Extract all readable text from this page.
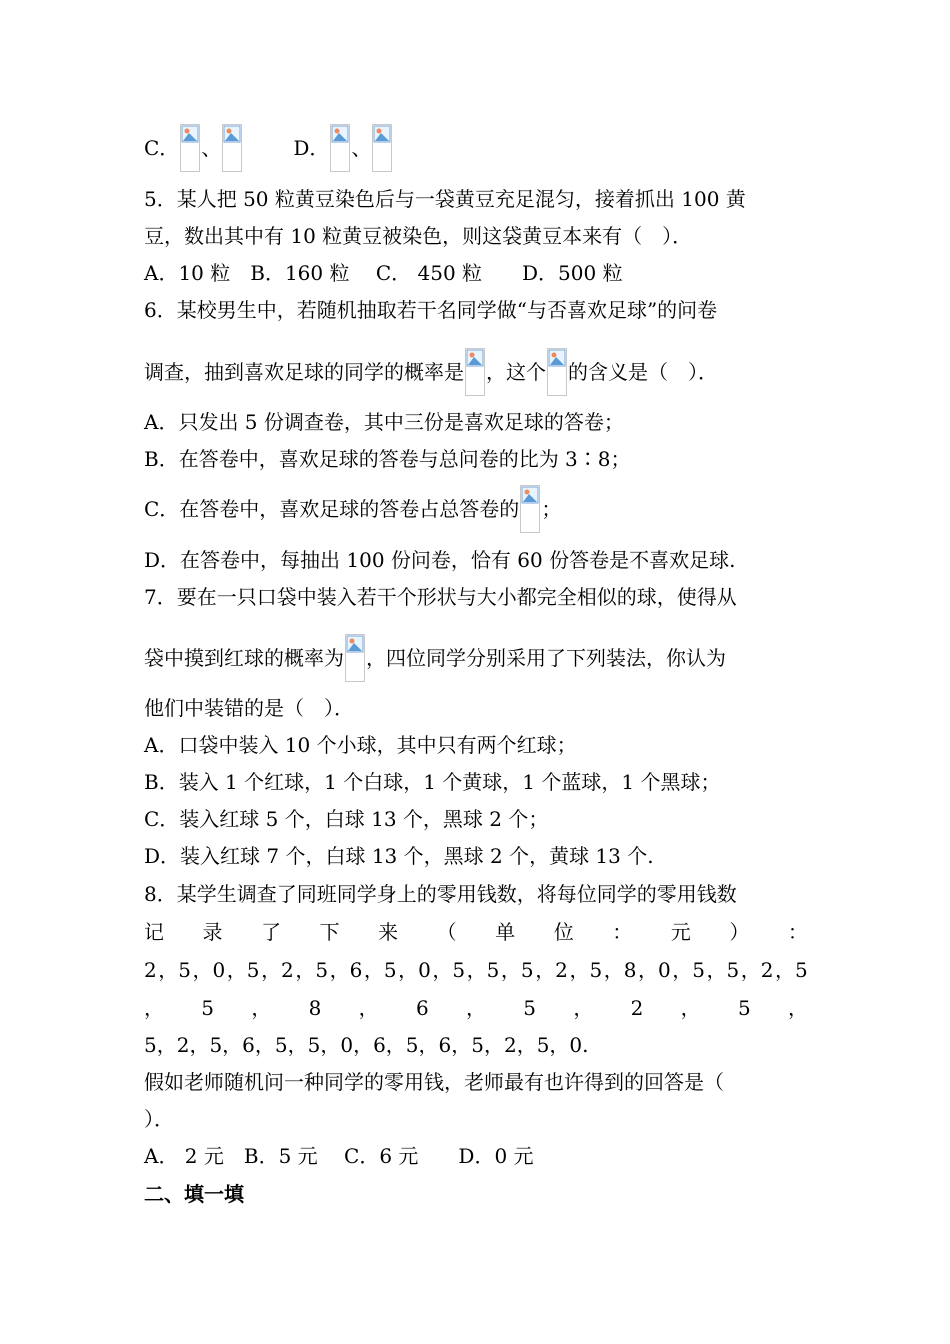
C． 、	D． 、
5．某人把 50 粒黄豆染色后与一袋黄豆充足混匀，接着抓出 100 黄
豆，数出其中有 10 粒黄豆被染色，则这袋黄豆本来有（　）．
A．10 粒　B．160 粒　 C． 450 粒　　D．500 粒
6．某校男生中，若随机抽取若干名同学做“与否喜欢足球”的问卷
调查，抽到喜欢足球的同学的概率是 ，这个 的含义是（　）．
A．只发出 5 份调查卷，其中三份是喜欢足球的答卷；
B．在答卷中，喜欢足球的答卷与总问卷的比为 3∶8；
C．在答卷中，喜欢足球的答卷占总答卷的 ；
D．在答卷中，每抽出 100 份问卷，恰有 60 份答卷是不喜欢足球.
7．要在一只口袋中装入若干个形状与大小都完全相似的球，使得从
袋中摸到红球的概率为 ，四位同学分别采用了下列装法，你认为
他们中装错的是（　）．
A．口袋中装入 10 个小球，其中只有两个红球；
B．装入 1 个红球，1 个白球，1 个黄球，1 个蓝球，1 个黑球；
C．装入红球 5 个，白球 13 个，黑球 2 个；
D．装入红球 7 个，白球 13 个，黑球 2 个，黄球 13 个.
8．某学生调查了同班同学身上的零用钱数，将每位同学的零用钱数
记 录 了 下 来 （ 单 位 ： 元 ） ：
2 ，5 ，0 ，5 ，2 ，5 ，6 ，5 ，0 ，5 ，5 ，5 ，2 ，5 ，8 ，0 ，5 ，5 ，2 ，5
， 5 ， 8 ， 6 ， 5 ， 2 ， 5 ，
5，2，5，6，5，5，0，6，5，6，5，2，5，0.
假如老师随机问一种同学的零用钱，老师最有也许得到的回答是（
）．
A． 2 元　B．5 元　 C．6 元　　D．0 元
二、填一填
